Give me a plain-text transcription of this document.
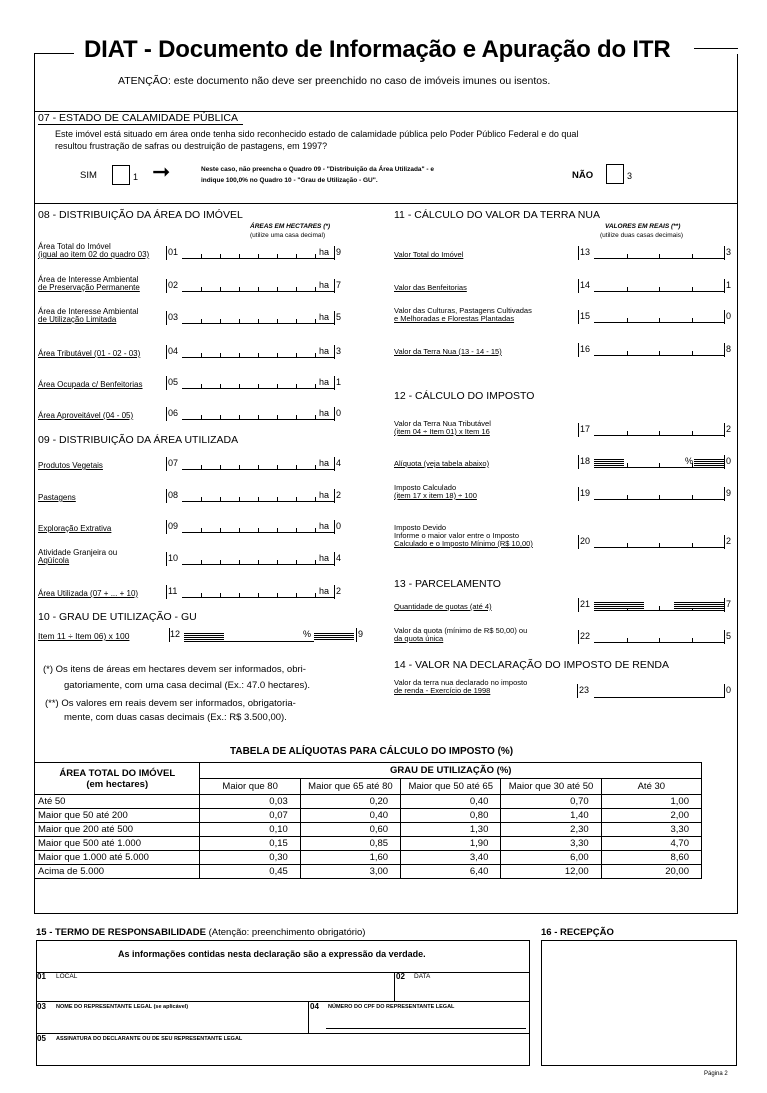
DIAT - Documento de Informação e Apuração do ITR
ATENÇÃO: este documento não deve ser preenchido no caso de imóveis imunes ou isentos.
07 - ESTADO DE CALAMIDADE PÚBLICA
Este imóvel está situado em área onde tenha sido reconhecido estado de calamidade pública pelo Poder Público Federal e do qual
resultou frustração de safras ou destruição de pastagens, em 1997?
SIM	1 ➞	Neste caso, não preencha o Quadro 09 - "Distribuição da Área Utilizada" - e
indique 100,0% no Quadro 10 - "Grau de Utilização - GU".	NÃO	3
08 - DISTRIBUIÇÃO DA ÁREA DO IMÓVEL
ÁREAS EM HECTARES (*)
(utilize uma casa decimal)
Área Total do Imóvel
(igual ao item 02 do quadro 03) 01	ha 9
Área de Interesse Ambiental
de Preservação Permanente	02	ha 7
Área de Interesse Ambiental
de Utilização Limitada	03	ha 5
Área Tributável (01 - 02 - 03)	04	ha 3
Área Ocupada c/ Benfeitorias	05	ha 1
Área Aproveitável (04 - 05)	06	ha 0
09 - DISTRIBUIÇÃO DA ÁREA UTILIZADA
Produtos Vegetais	07	ha 4
Pastagens	08	ha 2
Exploração Extrativa	09	ha 0
Atividade Granjeira ou
Aqüícola	10	ha 4
Área Utilizada (07 + ... + 10)	11	ha 2
10 - GRAU DE UTILIZAÇÃO - GU
Item 11 ÷ Item 06) x 100	12	%	9
(*) Os itens de áreas em hectares devem ser informados, obri-
gatoriamente, com uma casa decimal (Ex.: 47.0 hectares).
(**) Os valores em reais devem ser informados, obrigatoria-
mente, com duas casas decimais (Ex.: R$ 3.500,00).
11 - CÁLCULO DO VALOR DA TERRA NUA
VALORES EM REAIS (**)
(utilize duas casas decimais)
Valor Total do Imóvel	13	3
Valor das Benfeitorias	14	1
Valor das Culturas, Pastagens Cultivadas
e Melhoradas e Florestas Plantadas	15	0
Valor da Terra Nua (13 - 14 - 15)	16	8
12 - CÁLCULO DO IMPOSTO
Valor da Terra Nua Tributável
(item 04 ÷ Item 01) x Item 16	17	2
Alíquota (veja tabela abaixo)	18	0
%
Imposto Calculado
(item 17 x item 18) ÷ 100	19	9
Imposto Devido
Informe o maior valor entre o Imposto
Calculado e o Imposto Mínimo (R$ 10,00)	20	2
13 - PARCELAMENTO
Quantidade de quotas (até 4)	21	7
Valor da quota (mínimo de R$ 50,00) ou
da quota única	22	5
14 - VALOR NA DECLARAÇÃO DO IMPOSTO DE RENDA
Valor da terra nua declarado no imposto
de renda - Exercício de 1998	23	0
TABELA DE ALÍQUOTAS PARA CÁLCULO DO IMPOSTO (%)
ÁREA TOTAL DO IMÓVEL
(em hectares)	GRAU DE UTILIZAÇÃO (%)				
	Maior que 80	Maior que 65 até 80	Maior que 50 até 65	Maior que 30 até 50	Até 30
Até 50	0,03	0,20	0,40	0,70	1,00
Maior que 50 até 200	0,07	0,40	0,80	1,40	2,00
Maior que 200 até 500	0,10	0,60	1,30	2,30	3,30
Maior que 500 até 1.000	0,15	0,85	1,90	3,30	4,70
Maior que 1.000 até 5.000	0,30	1,60	3,40	6,00	8,60
Acima de 5.000	0,45	3,00	6,40	12,00	20,00
15 - TERMO DE RESPONSABILIDADE (Atenção: preenchimento obrigatório)
As informações contidas nesta declaração são a expressão da verdade.
01 LOCAL	02 DATA
03 NOME DO REPRESENTANTE LEGAL (se aplicável)	04 NÚMERO DO CPF DO REPRESENTANTE LEGAL
05 ASSINATURA DO DECLARANTE OU DE SEU REPRESENTANTE LEGAL
16 - RECEPÇÃO
Página 2
